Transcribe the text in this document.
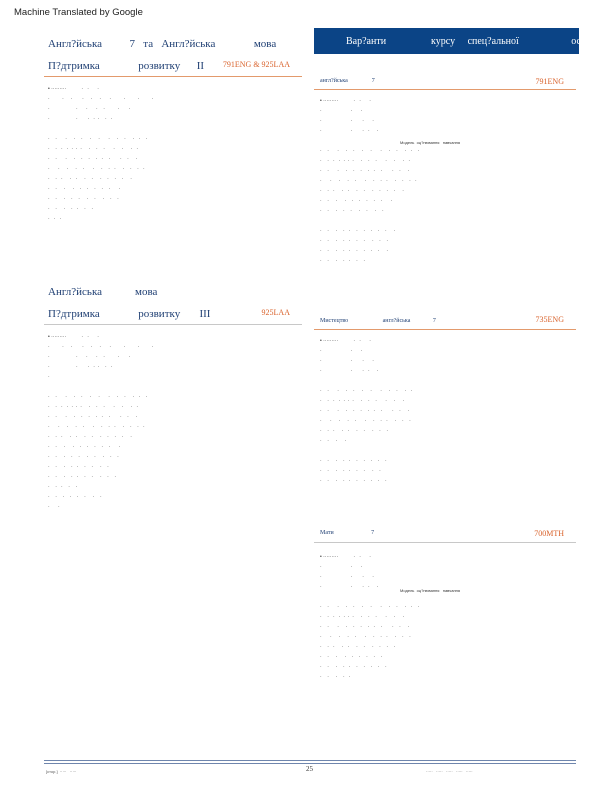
Machine Translated by Google
Англ?йська          7   та   Англ?йська              мова
П?дтримка              розвитку      II 791ENG & 925LAA
• ·········           ·   ·      ·
·         ·     ·       ·     ·     ·      ·         ·         ·         ·
·                   ·      ·      ·    ·         ·       ·
·                   ·       ·   ·  ·    ·   ·

·    ·      ·     ·    ·     ·     ·      ·     ·    ·     ·   ·    ·
·    ·   ·   ·  ·  ·  ·     ·    ·    ·      ·     ·     ·   ·
·    ·      ·     ·    ·    ·    ·   ·    ·       ·    ·     ·
·      ·     ·     ·    ·      ·     ·    ·   ·     ·    ·    ·   ·
·    ·   ·     ·   ·     ·    ·     ·    ·    ·    ·     ·
·    ·     ·     ·    ·    ·    ·    ·    ·      ·
·    ·     ·    ·    ·     ·    ·     ·    ·    ·
·    ·     ·    ·   ·    ·    ·
·   ·   ·
Англ?йська            мова
П?дтримка              розвитку       III	925LAA
• ·········           ·   ·      ·
·         ·     ·       ·     ·     ·      ·         ·         ·         ·
·                   ·      ·      ·    ·         ·       ·
·                   ·       ·   ·  ·    ·   ·
·

·    ·      ·     ·    ·     ·     ·      ·     ·    ·     ·   ·    ·
·    ·   ·   ·  ·  ·  ·     ·    ·    ·      ·     ·     ·   ·
·    ·      ·     ·    ·    ·    ·   ·    ·       ·    ·     ·
·      ·     ·     ·    ·      ·     ·    ·   ·     ·    ·    ·   ·
·    ·   ·     ·   ·     ·    ·     ·    ·    ·    ·     ·
·    ·     ·     ·    ·    ·    ·    ·    ·      ·
·    ·     ·    ·    ·     ·    ·     ·    ·    ·
·    ·     ·    ·   ·    ·    ·     ·    ·
·    ·     ·    ·   ·    ·    ·     ·    ·    ·
·    ·   ·    ·    ·
·    ·    ·    ·    ·    ·     ·    ·
·      ·

Вар?анти                  курсу     спец?альної                     осв?ти

англ?йська                7	791ENG
• ·········           ·   ·      ·
·                     ·      ·
·                     ·       ·      ·
·                     ·       ·   ·     ·

·    ·      ·     ·    ·     ·     ·      ·     ·    ·     ·   ·    ·
·    ·   ·   ·  ·  ·  ·     ·    ·    ·      ·     ·     ·   ·
·    ·      ·     ·    ·    ·    ·   ·    ·       ·    ·     ·
·      ·     ·     ·    ·      ·     ·    ·   ·     ·    ·    ·   ·
·    ·   ·     ·   ·     ·    ·     ·    ·    ·    ·     ·
·    ·     ·     ·    ·    ·    ·    ·    ·      ·
·    ·     ·    ·    ·     ·    ·     ·    ·

·    ·     ·    ·   ·    ·    ·    ·    ·    ·     ·
·    ·     ·    ·   ·    ·    ·     ·    ·    ·
·    ·     ·    ·   ·    ·    ·    ·    ·     ·
·    ·     ·    ·   ·    ·    ·
Модель  оц?нювання   навчання
Мистецтво                       англ?йська               7	735ENG
• ·········           ·   ·      ·
·                     ·      ·
·                     ·       ·      ·
·                     ·       ·   ·     ·

·    ·      ·     ·    ·     ·     ·      ·     ·    ·     ·   ·
·    ·   ·   ·  ·  ·  ·     ·    ·    ·      ·     ·     ·
·    ·      ·     ·    ·    ·    ·   ·    ·       ·    ·     ·
·      ·     ·     ·    ·      ·     ·    ·   ·     ·    ·    ·
·    ·   ·     ·   ·     ·    ·     ·    ·    ·
·    ·     ·     ·

·    ·     ·    ·   ·    ·    ·    ·    ·    ·
·    ·     ·    ·   ·    ·    ·     ·    ·
·    ·     ·    ·   ·    ·    ·    ·    ·    ·
Мати                         7	700MTH
• ·········           ·   ·      ·
·                     ·      ·
·                     ·       ·      ·
·                     ·       ·   ·     ·

·    ·      ·     ·    ·     ·     ·      ·     ·    ·     ·   ·    ·
·    ·   ·   ·  ·  ·  ·     ·    ·    ·      ·     ·     ·
·    ·      ·     ·    ·    ·    ·   ·    ·       ·    ·     ·
·      ·     ·     ·    ·      ·     ·    ·   ·     ·    ·    ·
·    ·   ·     ·   ·     ·    ·     ·    ·    ·    ·
·    ·     ·     ·    ·    ·    ·    ·    ·
·    ·     ·    ·   ·    ·    ·    ·    ·    ·
·    ·     ·    ·   ·
Модель  оц?нювання   навчання
[стор.]  ·····   ·····	25	·····   ·····   ·····   ·····   ·····
